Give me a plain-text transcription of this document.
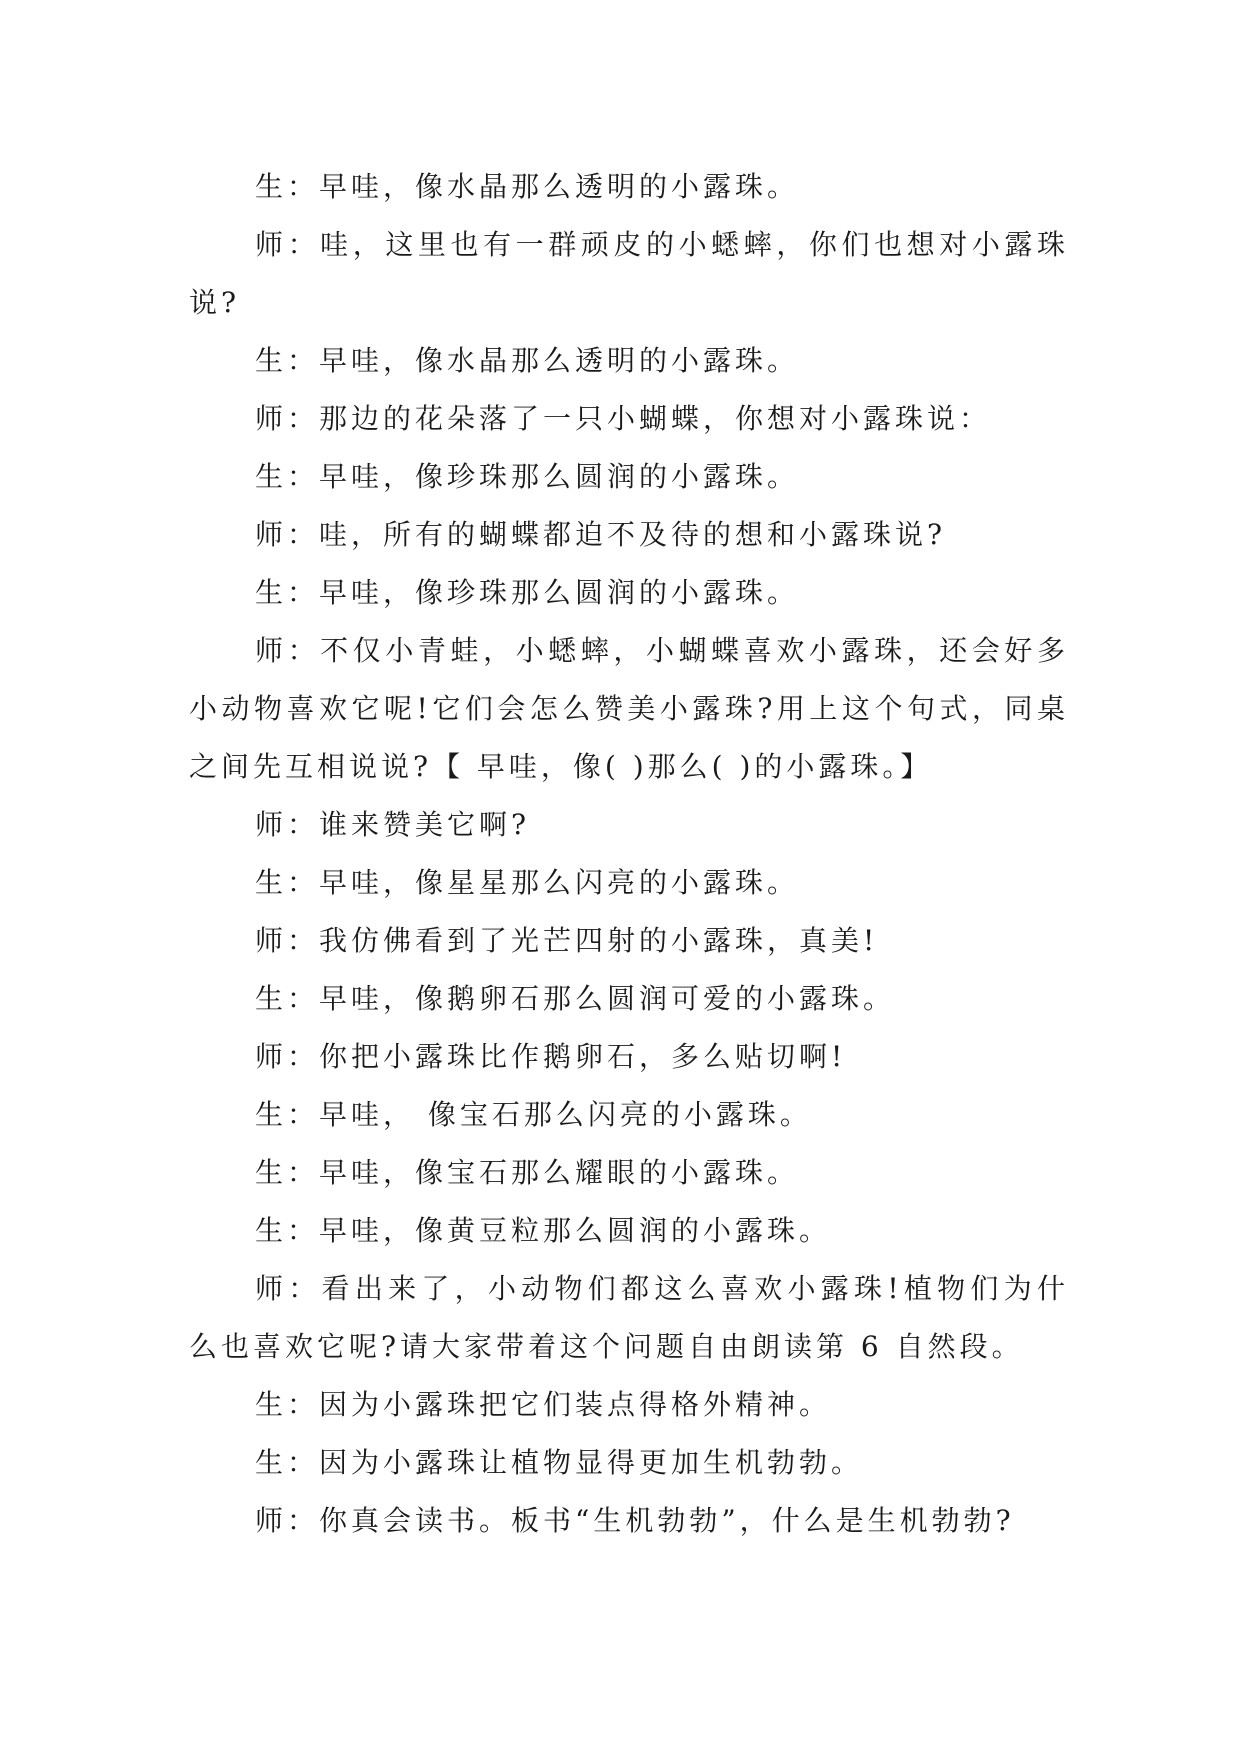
生：早哇，像水晶那么透明的小露珠。

师：哇，这里也有一群顽皮的小蟋蟀，你们也想对小露珠说?

生：早哇，像水晶那么透明的小露珠。

师：那边的花朵落了一只小蝴蝶，你想对小露珠说：

生：早哇，像珍珠那么圆润的小露珠。

师：哇，所有的蝴蝶都迫不及待的想和小露珠说?

生：早哇，像珍珠那么圆润的小露珠。

师：不仅小青蛙，小蟋蟀，小蝴蝶喜欢小露珠，还会好多小动物喜欢它呢!它们会怎么赞美小露珠?用上这个句式，同桌之间先互相说说?【 早哇，像( )那么( )的小露珠。】

师：谁来赞美它啊?

生：早哇，像星星那么闪亮的小露珠。

师：我仿佛看到了光芒四射的小露珠，真美!

生：早哇，像鹅卵石那么圆润可爱的小露珠。

师：你把小露珠比作鹅卵石，多么贴切啊!

生：早哇， 像宝石那么闪亮的小露珠。

生：早哇，像宝石那么耀眼的小露珠。

生：早哇，像黄豆粒那么圆润的小露珠。

师：看出来了，小动物们都这么喜欢小露珠!植物们为什么也喜欢它呢?请大家带着这个问题自由朗读第 6 自然段。

生：因为小露珠把它们装点得格外精神。

生：因为小露珠让植物显得更加生机勃勃。

师：你真会读书。板书“生机勃勃”，什么是生机勃勃?
